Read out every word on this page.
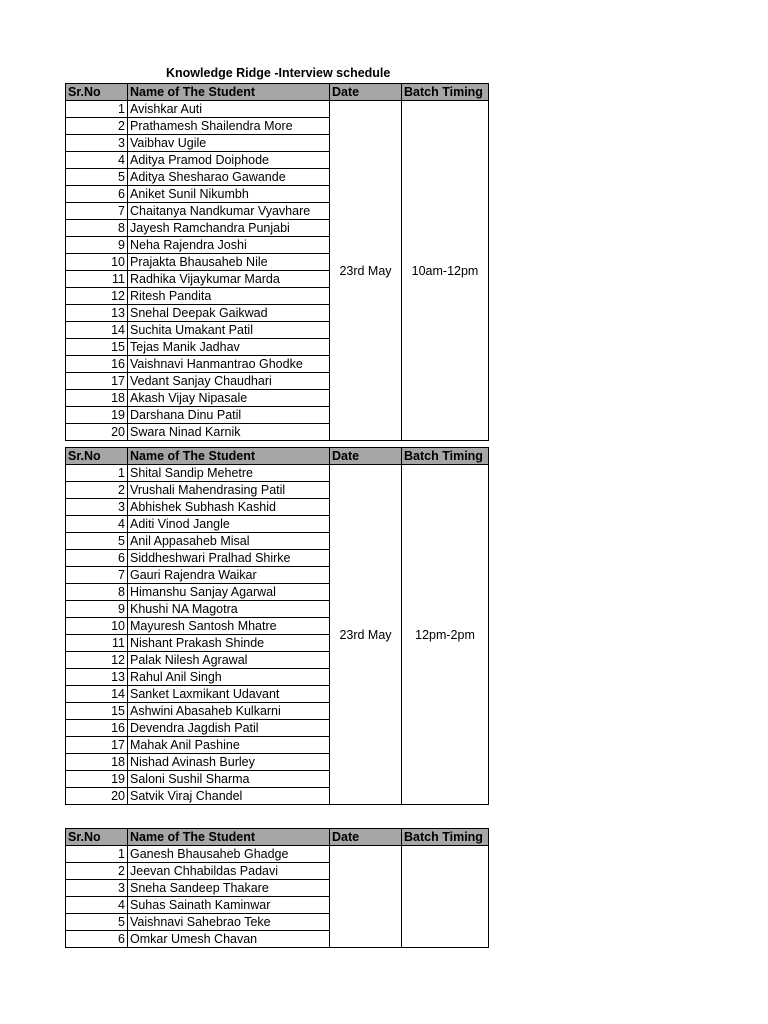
Knowledge Ridge -Interview schedule
Sr.No	Name of The Student	Date	Batch Timing
1	Avishkar Auti	23rd May	10am-12pm
2	Prathamesh Shailendra More		
3	Vaibhav Ugile		
4	Aditya Pramod Doiphode		
5	Aditya Shesharao Gawande		
6	Aniket Sunil Nikumbh		
7	Chaitanya Nandkumar Vyavhare		
8	Jayesh Ramchandra Punjabi		
9	Neha Rajendra Joshi		
10	Prajakta Bhausaheb Nile		
11	Radhika Vijaykumar Marda		
12	Ritesh Pandita		
13	Snehal Deepak Gaikwad		
14	Suchita Umakant Patil		
15	Tejas Manik Jadhav		
16	Vaishnavi Hanmantrao Ghodke		
17	Vedant Sanjay Chaudhari		
18	Akash Vijay Nipasale		
19	Darshana Dinu Patil		
20	Swara Ninad Karnik		
Sr.No	Name of The Student	Date	Batch Timing
1	Shital Sandip Mehetre	23rd May	12pm-2pm
2	Vrushali Mahendrasing Patil		
3	Abhishek Subhash Kashid		
4	Aditi Vinod Jangle		
5	Anil Appasaheb Misal		
6	Siddheshwari Pralhad Shirke		
7	Gauri Rajendra Waikar		
8	Himanshu Sanjay Agarwal		
9	Khushi NA Magotra		
10	Mayuresh Santosh Mhatre		
11	Nishant Prakash Shinde		
12	Palak Nilesh Agrawal		
13	Rahul Anil Singh		
14	Sanket Laxmikant Udavant		
15	Ashwini Abasaheb Kulkarni		
16	Devendra Jagdish Patil		
17	Mahak Anil Pashine		
18	Nishad Avinash Burley		
19	Saloni Sushil Sharma		
20	Satvik Viraj Chandel		
Sr.No	Name of The Student	Date	Batch Timing
1	Ganesh Bhausaheb Ghadge		
2	Jeevan Chhabildas Padavi		
3	Sneha Sandeep Thakare		
4	Suhas Sainath Kaminwar		
5	Vaishnavi Sahebrao Teke		
6	Omkar Umesh Chavan		
